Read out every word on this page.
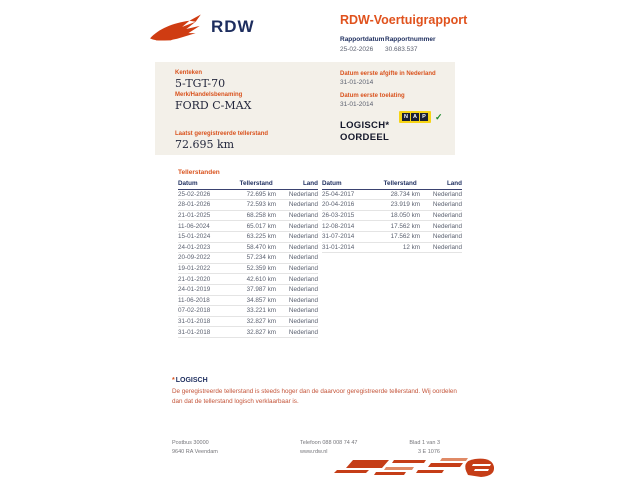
RDW	RDW-Voertuigrapport
Rapportdatum
25-02-2026
Rapportnummer
30.683.537
Kenteken
5-TGT-70
Merk/Handelsbenaming
FORD C-MAX
Laatst geregistreerde tellerstand
72.695 km
Datum eerste afgifte in Nederland
31-01-2014
Datum eerste toelating
31-01-2014
LOGISCH*
OORDEEL
N A P ✓
Tellerstanden
Datum	Tellerstand	Land
25-02-2026	72.695 km	Nederland
28-01-2026	72.593 km	Nederland
21-01-2025	68.258 km	Nederland
11-06-2024	65.017 km	Nederland
15-01-2024	63.225 km	Nederland
24-01-2023	58.470 km	Nederland
20-09-2022	57.234 km	Nederland
19-01-2022	52.359 km	Nederland
21-01-2020	42.610 km	Nederland
24-01-2019	37.987 km	Nederland
11-06-2018	34.857 km	Nederland
07-02-2018	33.221 km	Nederland
31-01-2018	32.827 km	Nederland
31-01-2018	32.827 km	Nederland
Datum	Tellerstand	Land
25-04-2017	28.734 km	Nederland
20-04-2016	23.919 km	Nederland
26-03-2015	18.050 km	Nederland
12-08-2014	17.562 km	Nederland
31-07-2014	17.562 km	Nederland
31-01-2014	12 km	Nederland
*LOGISCH
De geregistreerde tellerstand is steeds hoger dan de daarvoor geregistreerde tellerstand. Wij oordelen dan dat de tellerstand logisch verklaarbaar is.
Postbus 30000
9640 RA Veendam
Telefoon 088 008 74 47
www.rdw.nl
Blad 1 van 3
3 E 1076
